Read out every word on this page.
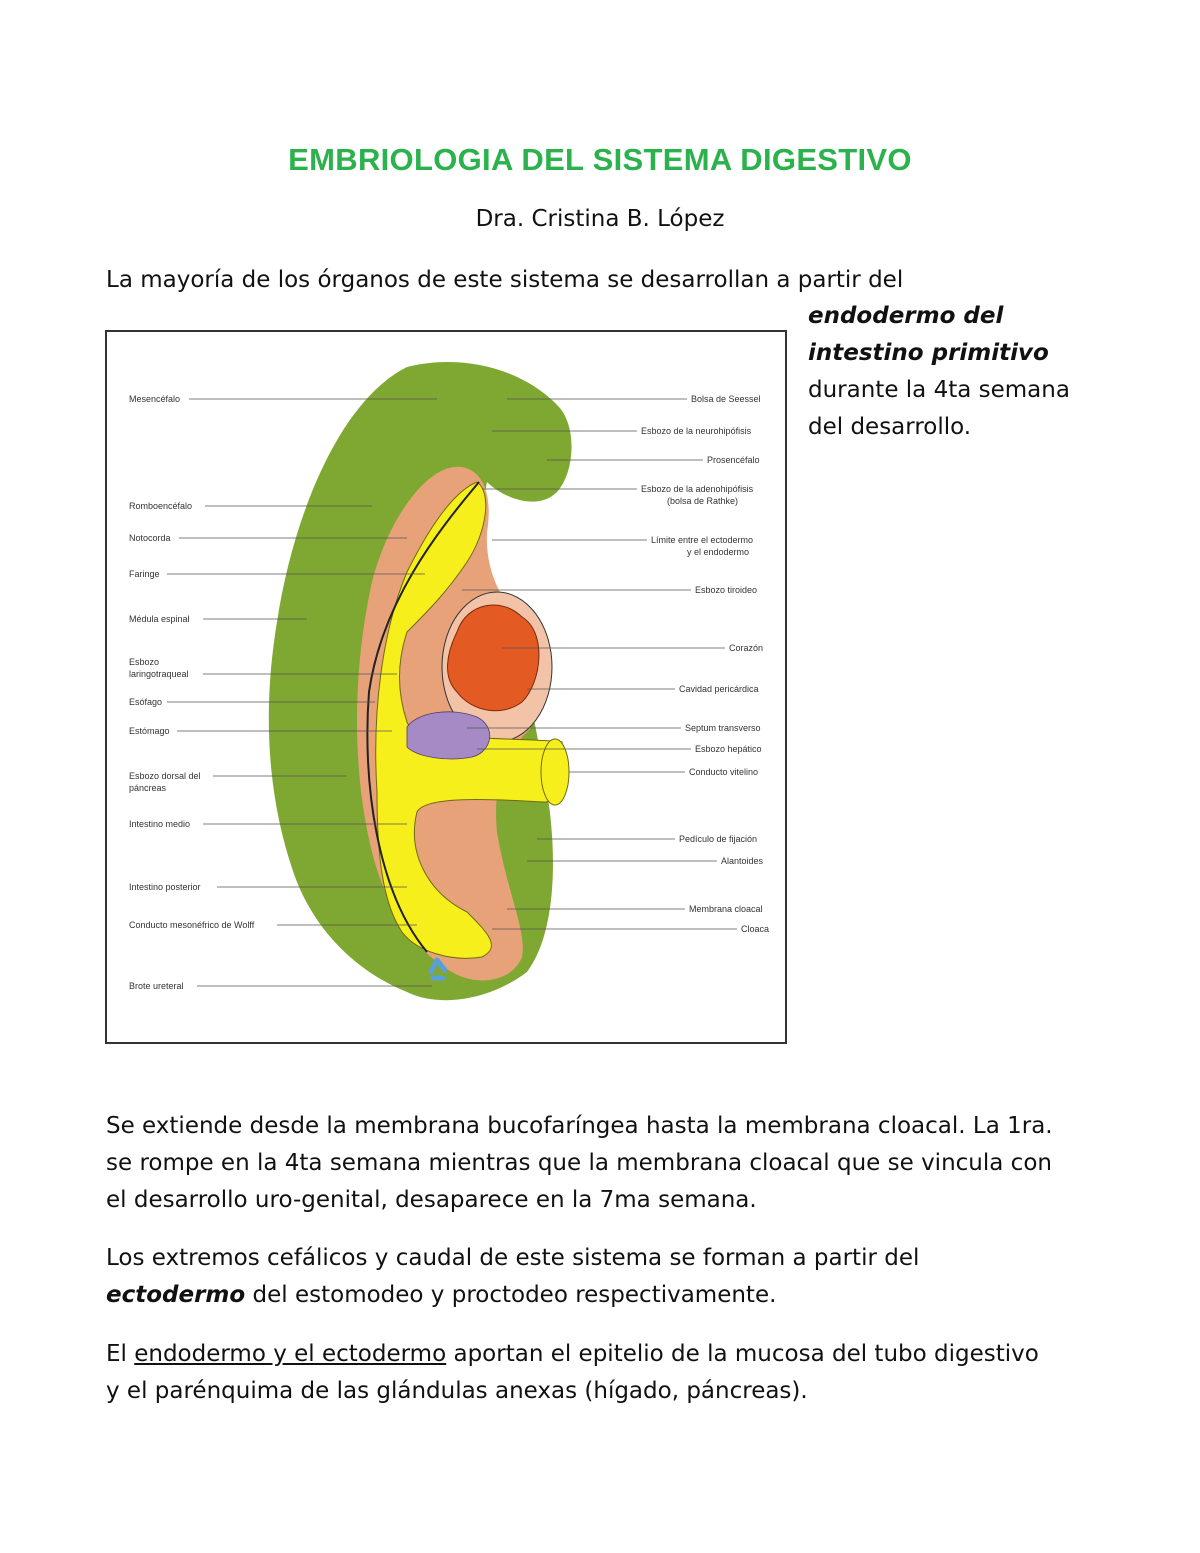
EMBRIOLOGIA DEL SISTEMA DIGESTIVO
Dra. Cristina B. López
La mayoría de los órganos de este sistema se desarrollan a partir del
endodermo del
intestino primitivo
durante la 4ta semana
del desarrollo.
Mesencéfalo
Romboencéfalo
Notocorda
Faringe
Médula espinal
Esbozo
laringotraqueal
Esófago
Estómago
Esbozo dorsal del
páncreas
Intestino medio
Intestino posterior
Conducto mesonéfrico de Wolff
Brote ureteral
Bolsa de Seessel
Esbozo de la neurohipófisis
Prosencéfalo
Esbozo de la adenohipófisis
(bolsa de Rathke)
Límite entre el ectodermo
y el endodermo
Esbozo tiroideo
Corazón
Cavidad pericárdica
Septum transverso
Esbozo hepático
Conducto vitelino
Pedículo de fijación
Alantoides
Membrana cloacal
Cloaca
Se extiende desde la membrana bucofaríngea hasta la membrana cloacal. La 1ra.
se rompe en la 4ta semana mientras que la membrana cloacal que se vincula con
el desarrollo uro-genital, desaparece en la 7ma semana.
Los extremos cefálicos y caudal de este sistema se forman a partir del
ectodermo del estomodeo y proctodeo respectivamente.
El endodermo y el ectodermo aportan el epitelio de la mucosa del tubo digestivo
y el parénquima de las glándulas anexas (hígado, páncreas).
